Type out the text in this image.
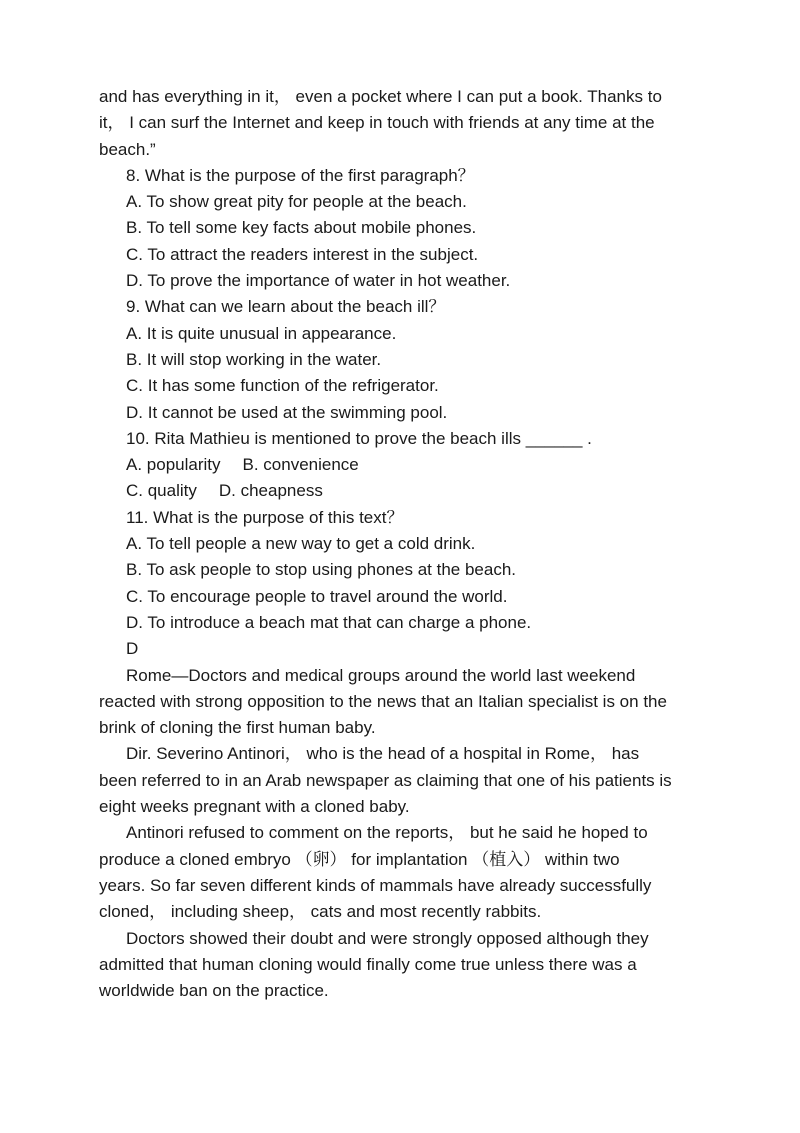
and has everything in it， even a pocket where I can put a book. Thanks to
it， I can surf the Internet and keep in touch with friends at any time at the
beach.”
8. What is the purpose of the first paragraph？
A. To show great pity for people at the beach.
B. To tell some key facts about mobile phones.
C. To attract the readers interest in the subject.
D. To prove the importance of water in hot weather.
9. What can we learn about the beach ill？
A. It is quite unusual in appearance.
B. It will stop working in the water.
C. It has some function of the refrigerator.
D. It cannot be used at the swimming pool.
10. Rita Mathieu is mentioned to prove the beach ills ______ .
A. popularity B. convenience
C. quality D. cheapness
11. What is the purpose of this text？
A. To tell people a new way to get a cold drink.
B. To ask people to stop using phones at the beach.
C. To encourage people to travel around the world.
D. To introduce a beach mat that can charge a phone.
D
Rome—Doctors and medical groups around the world last weekend
reacted with strong opposition to the news that an Italian specialist is on the
brink of cloning the first human baby.
Dir. Severino Antinori， who is the head of a hospital in Rome， has
been referred to in an Arab newspaper as claiming that one of his patients is
eight weeks pregnant with a cloned baby.
Antinori refused to comment on the reports， but he said he hoped to
produce a cloned embryo （卵） for implantation （植入） within two
years. So far seven different kinds of mammals have already successfully
cloned， including sheep， cats and most recently rabbits.
Doctors showed their doubt and were strongly opposed although they
admitted that human cloning would finally come true unless there was a
worldwide ban on the practice.
